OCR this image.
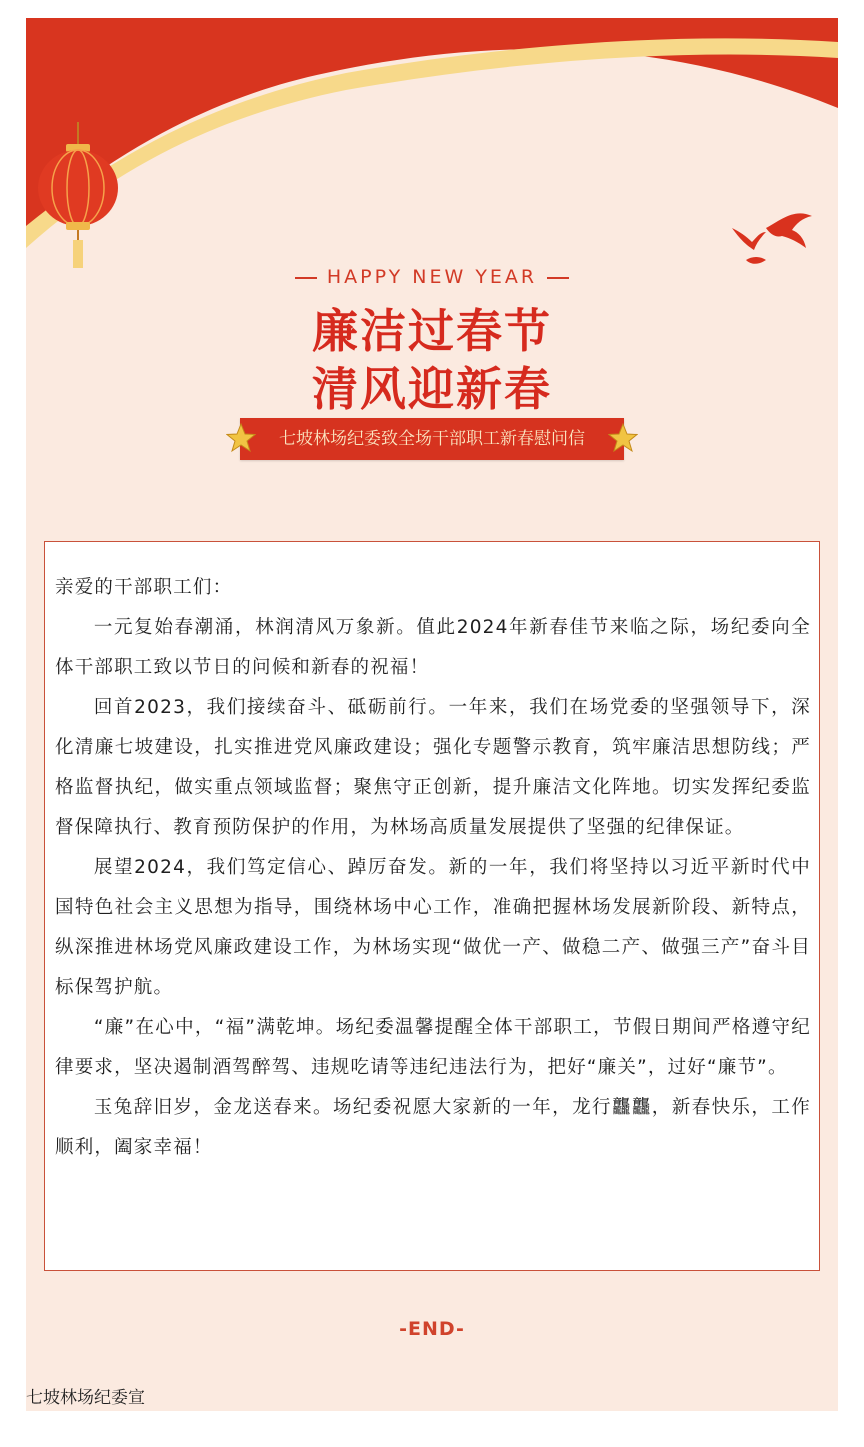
HAPPY NEW YEAR
廉洁过春节
清风迎新春
七坡林场纪委致全场干部职工新春慰问信

亲爱的干部职工们：

一元复始春潮涌，林润清风万象新。值此2024年新春佳节来临之际，场纪委向全体干部职工致以节日的问候和新春的祝福！

回首2023，我们接续奋斗、砥砺前行。一年来，我们在场党委的坚强领导下，深化清廉七坡建设，扎实推进党风廉政建设；强化专题警示教育，筑牢廉洁思想防线；严格监督执纪，做实重点领域监督；聚焦守正创新，提升廉洁文化阵地。切实发挥纪委监督保障执行、教育预防保护的作用，为林场高质量发展提供了坚强的纪律保证。

展望2024，我们笃定信心、踔厉奋发。新的一年，我们将坚持以习近平新时代中国特色社会主义思想为指导，围绕林场中心工作，准确把握林场发展新阶段、新特点，纵深推进林场党风廉政建设工作，为林场实现“做优一产、做稳二产、做强三产”奋斗目标保驾护航。

“廉”在心中，“福”满乾坤。场纪委温馨提醒全体干部职工，节假日期间严格遵守纪律要求，坚决遏制酒驾醉驾、违规吃请等违纪违法行为，把好“廉关”，过好“廉节”。

玉兔辞旧岁，金龙送春来。场纪委祝愿大家新的一年，龙行龘龘，新春快乐，工作顺利，阖家幸福！

-END-
七坡林场纪委宣
